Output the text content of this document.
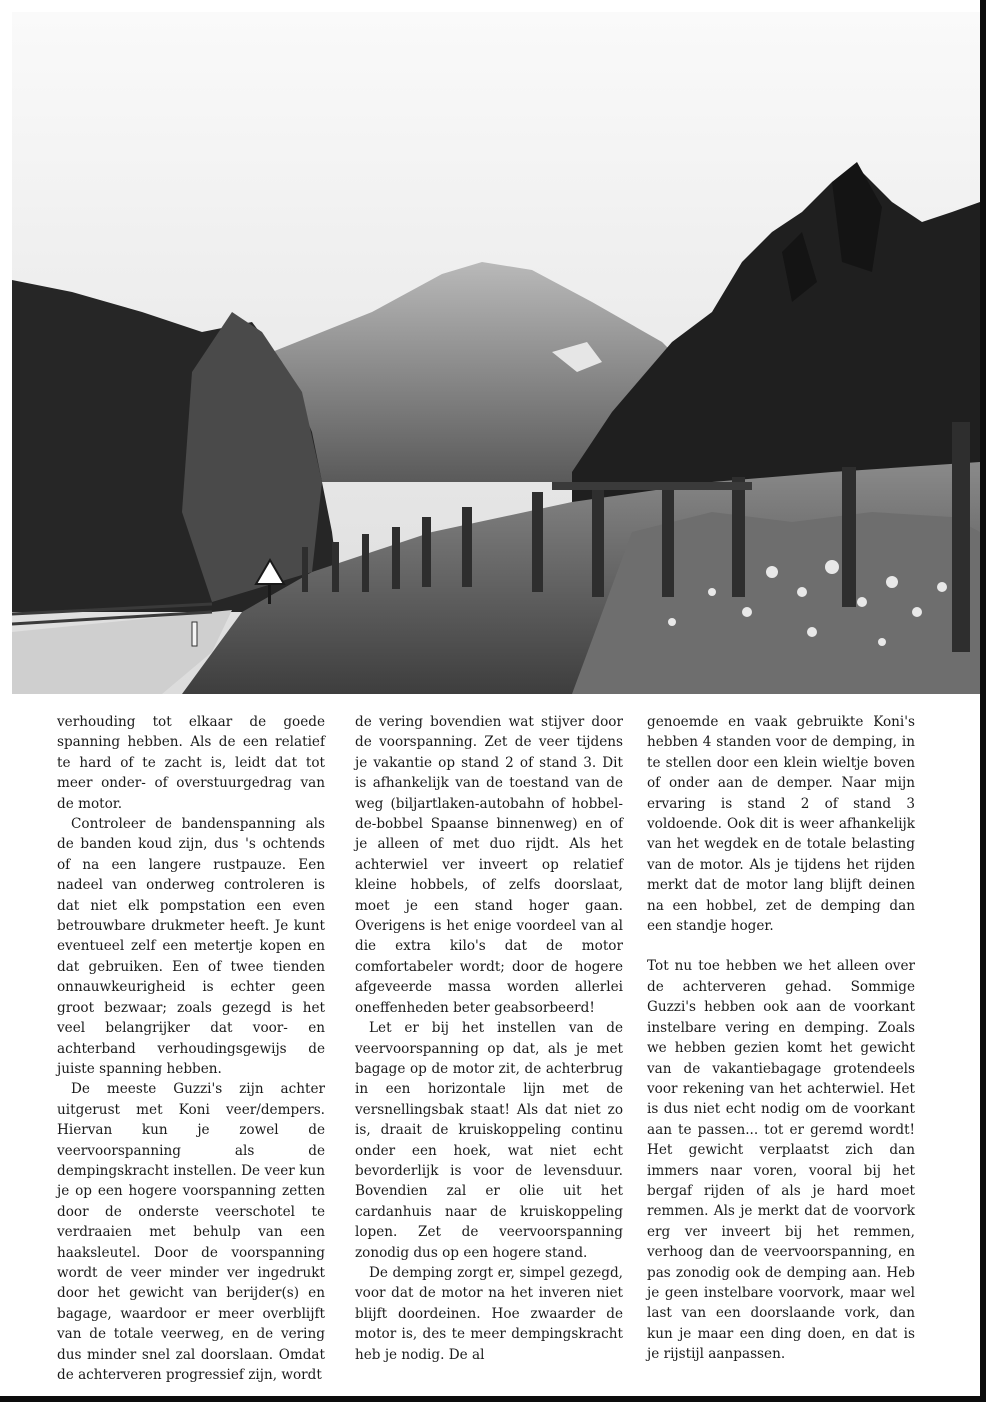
verhouding tot elkaar de goede spanning hebben. Als de een relatief te hard of te zacht is, leidt dat tot meer onder- of overstuurgedrag van de motor.

Controleer de bandenspanning als de banden koud zijn, dus 's ochtends of na een langere rustpauze. Een nadeel van onderweg controleren is dat niet elk pompstation een even betrouwbare drukmeter heeft. Je kunt eventueel zelf een metertje kopen en dat gebruiken. Een of twee tienden onnauwkeurigheid is echter geen groot bezwaar; zoals gezegd is het veel belangrijker dat voor- en achterband verhoudingsgewijs de juiste spanning hebben.

De meeste Guzzi's zijn achter uitgerust met Koni veer/dempers. Hiervan kun je zowel de veervoorspanning als de dempingskracht instellen. De veer kun je op een hogere voorspanning zetten door de onderste veerschotel te verdraaien met behulp van een haaksleutel. Door de voorspanning wordt de veer minder ver ingedrukt door het gewicht van berijder(s) en bagage, waardoor er meer overblijft van de totale veerweg, en de vering dus minder snel zal doorslaan. Omdat de achterveren progressief zijn, wordt

de vering bovendien wat stijver door de voorspanning. Zet de veer tijdens je vakantie op stand 2 of stand 3. Dit is afhankelijk van de toestand van de weg (biljartlaken-autobahn of hobbel-de-bobbel Spaanse binnenweg) en of je alleen of met duo rijdt. Als het achterwiel ver inveert op relatief kleine hobbels, of zelfs doorslaat, moet je een stand hoger gaan. Overigens is het enige voordeel van al die extra kilo's dat de motor comfortabeler wordt; door de hogere afgeveerde massa worden allerlei oneffenheden beter geabsorbeerd!

Let er bij het instellen van de veervoorspanning op dat, als je met bagage op de motor zit, de achterbrug in een horizontale lijn met de versnellingsbak staat! Als dat niet zo is, draait de kruiskoppeling continu onder een hoek, wat niet echt bevorderlijk is voor de levensduur. Bovendien zal er olie uit het cardanhuis naar de kruiskoppeling lopen. Zet de veervoorspanning zonodig dus op een hogere stand.

De demping zorgt er, simpel gezegd, voor dat de motor na het inveren niet blijft doordeinen. Hoe zwaarder de motor is, des te meer dempingskracht heb je nodig. De al

genoemde en vaak gebruikte Koni's hebben 4 standen voor de demping, in te stellen door een klein wieltje boven of onder aan de demper. Naar mijn ervaring is stand 2 of stand 3 voldoende. Ook dit is weer afhankelijk van het wegdek en de totale belasting van de motor. Als je tijdens het rijden merkt dat de motor lang blijft deinen na een hobbel, zet de demping dan een standje hoger.

Tot nu toe hebben we het alleen over de achterveren gehad. Sommige Guzzi's hebben ook aan de voorkant instelbare vering en demping. Zoals we hebben gezien komt het gewicht van de vakantiebagage grotendeels voor rekening van het achterwiel. Het is dus niet echt nodig om de voorkant aan te passen... tot er geremd wordt! Het gewicht verplaatst zich dan immers naar voren, vooral bij het bergaf rijden of als je hard moet remmen. Als je merkt dat de voorvork erg ver inveert bij het remmen, verhoog dan de veervoorspanning, en pas zonodig ook de demping aan. Heb je geen instelbare voorvork, maar wel last van een doorslaande vork, dan kun je maar een ding doen, en dat is je rijstijl aanpassen.
